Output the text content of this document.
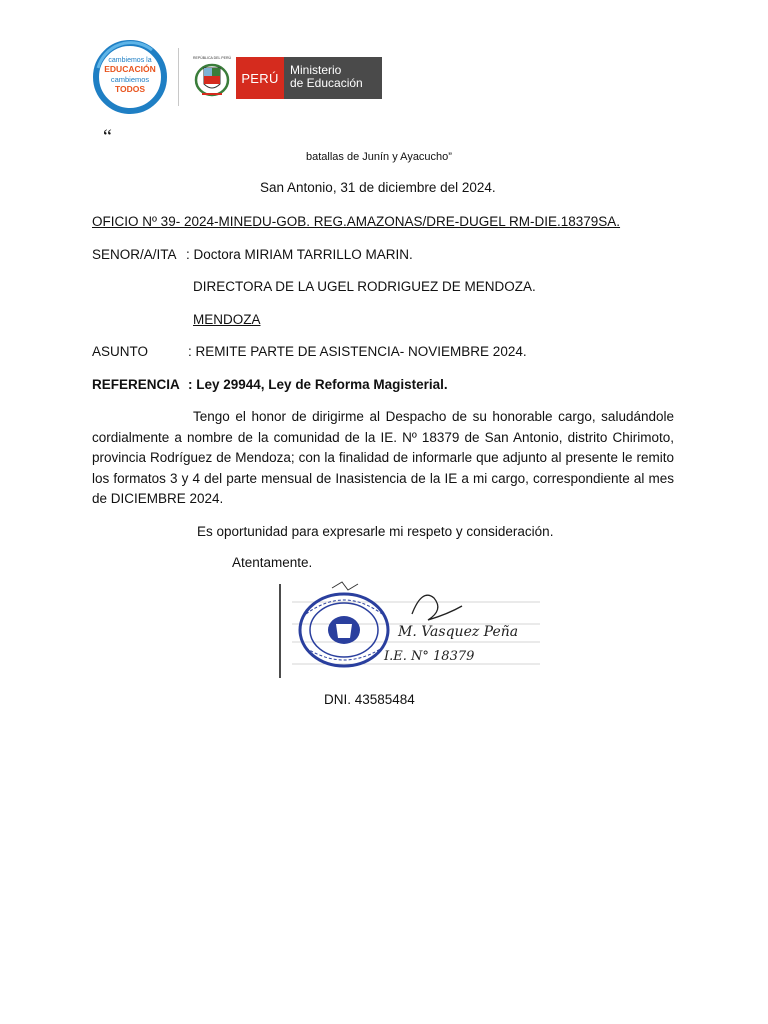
cambiemos la
EDUCACIÓN
cambiemos
TODOS
REPÚBLICA DEL PERÚ
PERÚ
Ministerio
de Educación
“
batallas de Junín y Ayacucho”
San Antonio, 31 de diciembre del 2024.
OFICIO Nº 39- 2024-MINEDU-GOB. REG.AMAZONAS/DRE-DUGEL RM-DIE.18379SA.
SENOR/A/ITA : Doctora MIRIAM TARRILLO MARIN.
DIRECTORA DE LA UGEL RODRIGUEZ DE MENDOZA.
MENDOZA
ASUNTO	: REMITE PARTE DE ASISTENCIA- NOVIEMBRE 2024.
REFERENCIA : Ley 29944, Ley de Reforma Magisterial.
Tengo el honor de dirigirme al Despacho de su honorable cargo, saludándole cordialmente a nombre de la comunidad de la IE. Nº 18379 de San Antonio, distrito Chirimoto, provincia Rodríguez de Mendoza; con la finalidad de informarle que adjunto al presente le remito los formatos 3 y 4 del parte mensual de Inasistencia de la IE a mi cargo, correspondiente al mes de DICIEMBRE 2024.
Es oportunidad para expresarle mi respeto y consideración.
Atentamente.
M. Vasquez Peña
I.E. N° 18379
DNI. 43585484
